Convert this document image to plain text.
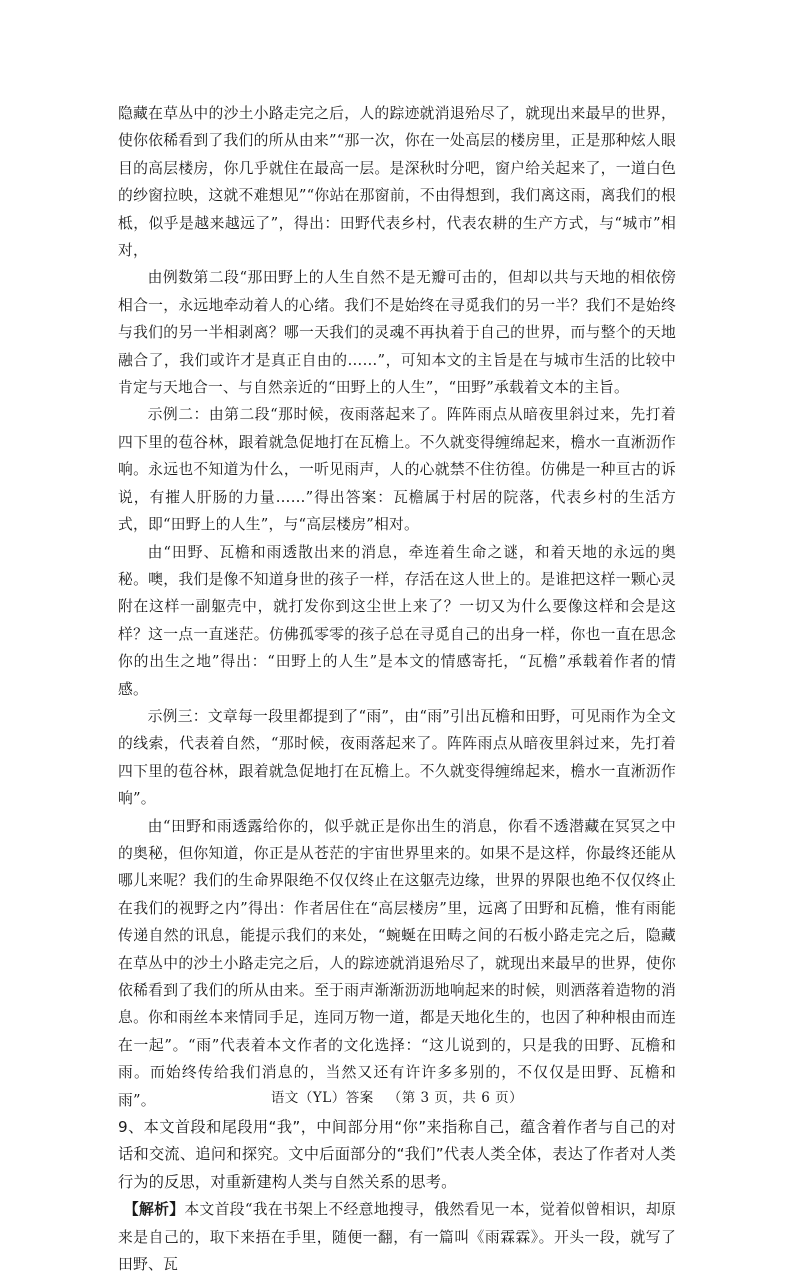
隐藏在草丛中的沙土小路走完之后，人的踪迹就消退殆尽了，就现出来最早的世界，使你依稀看到了我们的所从由来”“那一次，你在一处高层的楼房里，正是那种炫人眼目的高层楼房，你几乎就住在最高一层。是深秋时分吧，窗户给关起来了，一道白色的纱窗拉映，这就不难想见”“你站在那窗前，不由得想到，我们离这雨，离我们的根柢，似乎是越来越远了”，得出：田野代表乡村，代表农耕的生产方式，与“城市”相对，

由例数第二段“那田野上的人生自然不是无瓣可击的，但却以共与天地的相依傍相合一，永远地牵动着人的心绪。我们不是始终在寻觅我们的另一半？我们不是始终与我们的另一半相剥离？哪一天我们的灵魂不再执着于自己的世界，而与整个的天地融合了，我们或许才是真正自由的……”，可知本文的主旨是在与城市生活的比较中肯定与天地合一、与自然亲近的“田野上的人生”，“田野”承载着文本的主旨。

示例二：由第二段“那时候，夜雨落起来了。阵阵雨点从暗夜里斜过来，先打着四下里的苞谷林，跟着就急促地打在瓦檐上。不久就变得缠绵起来，檐水一直淅沥作响。永远也不知道为什么，一听见雨声，人的心就禁不住彷徨。仿佛是一种亘古的诉说，有摧人肝肠的力量……”得出答案：瓦檐属于村居的院落，代表乡村的生活方式，即“田野上的人生”，与“高层楼房”相对。

由“田野、瓦檐和雨透散出来的消息，牵连着生命之谜，和着天地的永远的奥秘。噢，我们是像不知道身世的孩子一样，存活在这人世上的。是谁把这样一颗心灵附在这样一副躯壳中，就打发你到这尘世上来了？一切又为什么要像这样和会是这样？这一点一直迷茫。仿佛孤零零的孩子总在寻觅自己的出身一样，你也一直在思念你的出生之地”得出：“田野上的人生”是本文的情感寄托，“瓦檐”承载着作者的情感。

示例三：文章每一段里都提到了“雨”，由“雨”引出瓦檐和田野，可见雨作为全文的线索，代表着自然，“那时候，夜雨落起来了。阵阵雨点从暗夜里斜过来，先打着四下里的苞谷林，跟着就急促地打在瓦檐上。不久就变得缠绵起来，檐水一直淅沥作响”。

由“田野和雨透露给你的，似乎就正是你出生的消息，你看不透潜藏在冥冥之中的奥秘，但你知道，你正是从苍茫的宇宙世界里来的。如果不是这样，你最终还能从哪儿来呢？我们的生命界限绝不仅仅终止在这躯壳边缘，世界的界限也绝不仅仅终止在我们的视野之内”得出：作者居住在“高层楼房”里，远离了田野和瓦檐，惟有雨能传递自然的讯息，能提示我们的来处，“蜿蜒在田畴之间的石板小路走完之后，隐藏在草丛中的沙土小路走完之后，人的踪迹就消退殆尽了，就现出来最早的世界，使你依稀看到了我们的所从由来。至于雨声渐渐沥沥地响起来的时候，则洒落着造物的消息。你和雨丝本来情同手足，连同万物一道，都是天地化生的，也因了种种根由而连在一起”。“雨”代表着本文作者的文化选择：“这儿说到的，只是我的田野、瓦檐和雨。而始终传给我们消息的，当然又还有许许多多别的，不仅仅是田野、瓦檐和雨”。

9、本文首段和尾段用“我”，中间部分用“你”来指称自己，蕴含着作者与自己的对话和交流、追问和探究。文中后面部分的“我们”代表人类全体，表达了作者对人类行为的反思，对重新建构人类与自然关系的思考。

【解析】本文首段“我在书架上不经意地搜寻，俄然看见一本，觉着似曾相识，却原来是自己的，取下来捂在手里，随便一翻，有一篇叫《雨霖霖》。开头一段，就写了田野、瓦

语文（YL）答案 （第 3 页，共 6 页）
